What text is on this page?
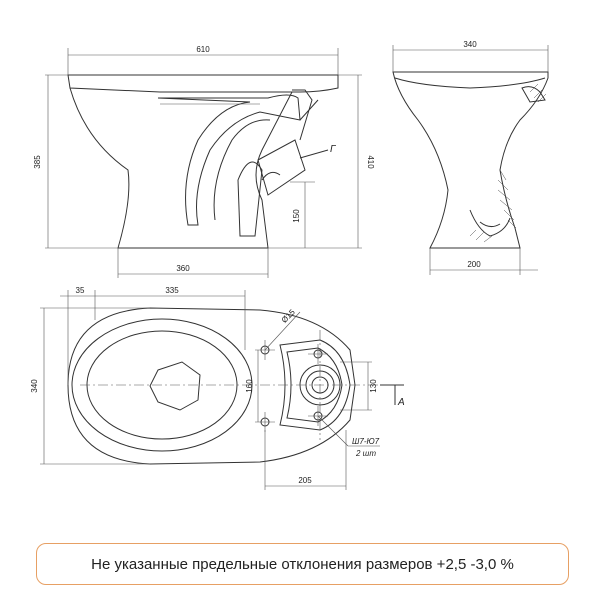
610
385	410
150
360
Г
340
200
35	335
340	160	130
Ø15
205
A
Ш7-Ю7
2 шт
Не указанные предельные отклонения размеров +2,5 -3,0 %
